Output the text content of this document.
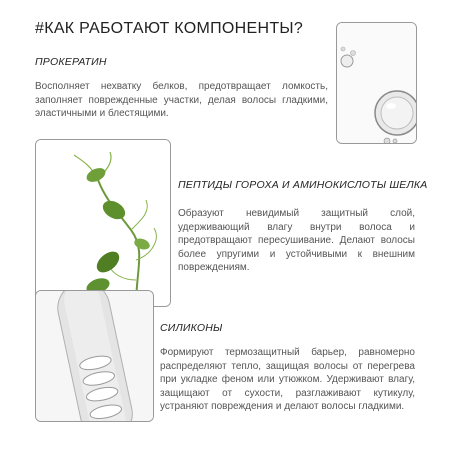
#КАК РАБОТАЮТ КОМПОНЕНТЫ?
ПРОКЕРАТИН
Восполняет нехватку белков, предотвращает ломкость, заполняет поврежденные участки, делая волосы гладкими, эластичными и блестящими.
ПЕПТИДЫ ГОРОХА И АМИНОКИСЛОТЫ ШЕЛКА
Образуют невидимый защитный слой, удерживающий влагу внутри волоса и предотвращают пересушивание. Делают волосы более упругими и устойчивыми к внешним повреждениям.
СИЛИКОНЫ
Формируют термозащитный барьер, равномерно распределяют тепло, защищая волосы от перегрева при укладке феном или утюжком. Удерживают влагу, защищают от сухости, разглаживают кутикулу, устраняют повреждения и делают волосы гладкими.
